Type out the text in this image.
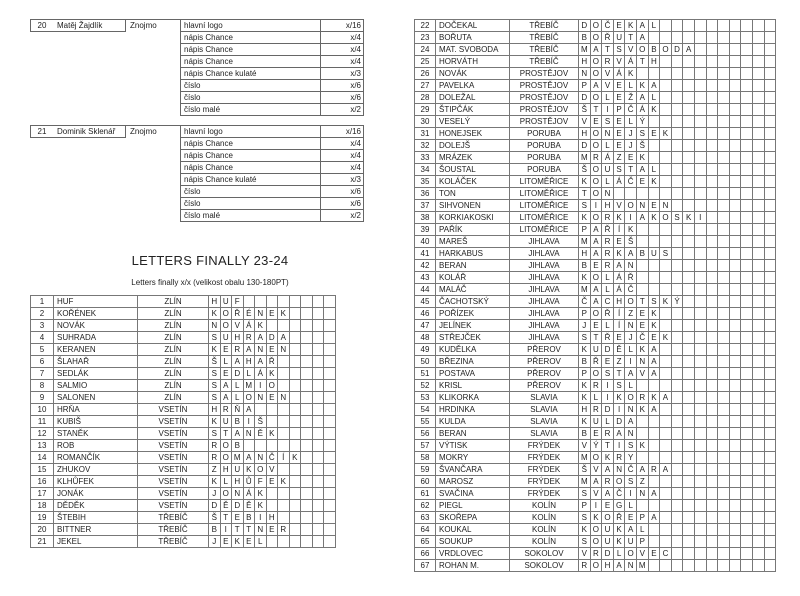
20	Matěj Žajdlík	Znojmo	hlavní logo	x/16
			nápis Chance	x/4
			nápis Chance	x/4
			nápis Chance	x/4
			nápis Chance kulaté	x/3
			číslo	x/6
			číslo	x/6
			číslo malé	x/2
21	Dominik Sklenář	Znojmo	hlavní logo	x/16
			nápis Chance	x/4
			nápis Chance	x/4
			nápis Chance	x/4
			nápis Chance kulaté	x/3
			číslo	x/6
			číslo	x/6
			číslo malé	x/2
LETTERS FINALLY 23-24
Letters finally x/x (velikost obalu 130-180PT)
1	HUF	ZLÍN	H	U	F								
2	KOŘÉNEK	ZLÍN	K	O	Ř	É	N	E	K				
3	NOVÁK	ZLÍN	N	O	V	Á	K						
4	SUHRADA	ZLÍN	S	U	H	R	A	D	A				
5	KERANEN	ZLÍN	K	E	R	A	N	E	N				
6	ŠLAHAŘ	ZLÍN	Š	L	A	H	A	Ř					
7	SEDLÁK	ZLÍN	S	E	D	L	Á	K					
8	SALMIO	ZLÍN	S	A	L	M	I	O					
9	SALONEN	ZLÍN	S	A	L	O	N	E	N				
10	HRŇA	VSETÍN	H	R	Ň	A							
11	KUBIŠ	VSETÍN	K	U	B	I	Š						
12	STANĚK	VSETÍN	S	T	A	N	Ě	K					
13	ROB	VSETÍN	R	O	B								
14	ROMANČÍK	VSETÍN	R	O	M	A	N	Č	Í	K			
15	ZHUKOV	VSETÍN	Z	H	U	K	O	V					
16	KLHŮFEK	VSETÍN	K	L	H	Ů	F	E	K				
17	JONÁK	VSETÍN	J	O	N	Á	K						
18	DĚDĚK	VSETÍN	D	Ě	D	Ě	K						
19	ŠTEBIH	TŘEBÍČ	Š	T	E	B	I	H					
20	BITTNER	TŘEBÍČ	B	I	T	T	N	E	R				
21	JEKEL	TŘEBÍČ	J	E	K	E	L						
22	DOČEKAL	TŘEBÍČ	D	O	Č	E	K	A	L										
23	BOŘUTA	TŘEBÍČ	B	O	Ř	U	T	A											
24	MAT. SVOBODA	TŘEBÍČ	M	A	T	S	V	O	B	O	D	A							
25	HORVÁTH	TŘEBÍČ	H	O	R	V	Á	T	H										
26	NOVÁK	PROSTĚJOV	N	O	V	Á	K												
27	PAVELKA	PROSTĚJOV	P	A	V	E	L	K	A										
28	DOLEŽAL	PROSTĚJOV	D	O	L	E	Ž	A	L										
29	ŠTIPČÁK	PROSTĚJOV	Š	T	I	P	Č	Á	K										
30	VESELÝ	PROSTĚJOV	V	E	S	E	L	Ý											
31	HONEJSEK	PORUBA	H	O	N	E	J	S	E	K									
32	DOLEJŠ	PORUBA	D	O	L	E	J	Š											
33	MRÁZEK	PORUBA	M	R	Á	Z	E	K											
34	ŠOUSTAL	PORUBA	Š	O	U	S	T	A	L										
35	KOLÁČEK	LITOMĚŘICE	K	O	L	Á	Č	E	K										
36	TON	LITOMĚŘICE	T	O	N														
37	SIHVONEN	LITOMĚŘICE	S	I	H	V	O	N	E	N									
38	KORKIAKOSKI	LITOMĚŘICE	K	O	R	K	I	A	K	O	S	K	I						
39	PAŘÍK	LITOMĚŘICE	P	A	Ř	Í	K												
40	MAREŠ	JIHLAVA	M	A	R	E	Š												
41	HARKABUS	JIHLAVA	H	A	R	K	A	B	U	S									
42	BERAN	JIHLAVA	B	E	R	A	N												
43	KOLÁŘ	JIHLAVA	K	O	L	Á	Ř												
44	MALÁČ	JIHLAVA	M	A	L	Á	Č												
45	ČACHOTSKÝ	JIHLAVA	Č	A	C	H	O	T	S	K	Ý								
46	POŘÍZEK	JIHLAVA	P	O	Ř	Í	Z	E	K										
47	JELÍNEK	JIHLAVA	J	E	L	Í	N	E	K										
48	STŘEJČEK	JIHLAVA	S	T	Ř	E	J	Č	E	K									
49	KUDĚLKA	PŘEROV	K	U	D	Ě	L	K	A										
50	BŘEZINA	PŘEROV	B	Ř	E	Z	I	N	A										
51	POSTAVA	PŘEROV	P	O	S	T	A	V	A										
52	KRISL	PŘEROV	K	R	I	S	L												
53	KLIKORKA	SLAVIA	K	L	I	K	O	R	K	A									
54	HRDINKA	SLAVIA	H	R	D	I	N	K	A										
55	KULDA	SLAVIA	K	U	L	D	A												
56	BERAN	SLAVIA	B	E	R	A	N												
57	VÝTISK	FRÝDEK	V	Ý	T	I	S	K											
58	MOKRY	FRÝDEK	M	O	K	R	Y												
59	ŠVANČARA	FRÝDEK	Š	V	A	N	Č	A	R	A									
60	MAROSZ	FRÝDEK	M	A	R	O	S	Z											
61	SVAČINA	FRÝDEK	S	V	A	Č	I	N	A										
62	PIEGL	KOLÍN	P	I	E	G	L												
63	SKOŘEPA	KOLÍN	S	K	O	Ř	E	P	A										
64	KOUKAL	KOLÍN	K	O	U	K	A	L											
65	SOUKUP	KOLÍN	S	O	U	K	U	P											
66	VRDLOVEC	SOKOLOV	V	R	D	L	O	V	E	C									
67	ROHAN M.	SOKOLOV	R	O	H	A	N	M											
